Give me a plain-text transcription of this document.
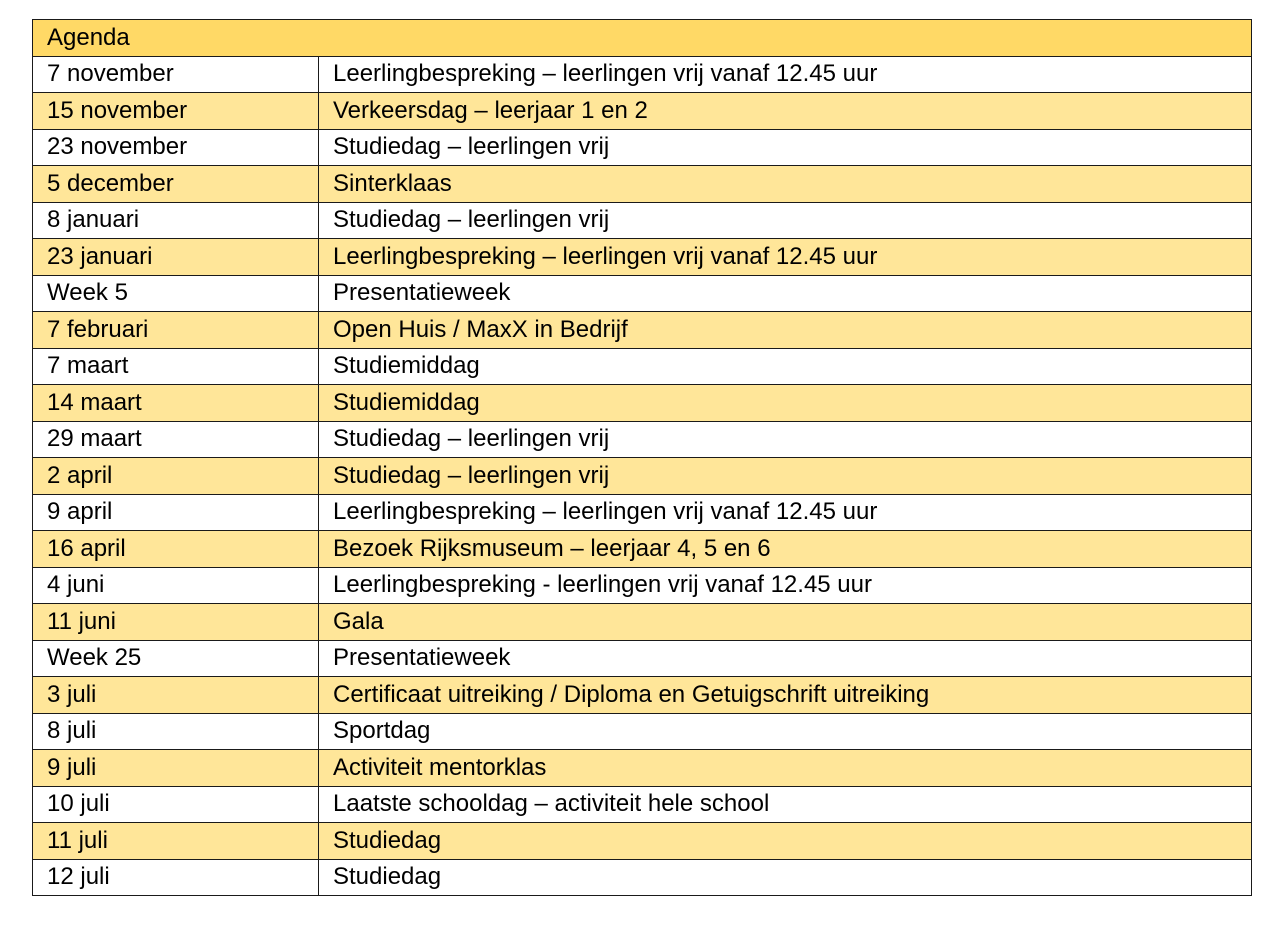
Agenda	
7 november	Leerlingbespreking – leerlingen vrij vanaf 12.45 uur
15 november	Verkeersdag – leerjaar 1 en 2
23 november	Studiedag – leerlingen vrij
5 december	Sinterklaas
8 januari	Studiedag – leerlingen vrij
23 januari	Leerlingbespreking – leerlingen vrij vanaf 12.45 uur
Week 5	Presentatieweek
7 februari	Open Huis / MaxX in Bedrijf
7 maart	Studiemiddag
14 maart	Studiemiddag
29 maart	Studiedag – leerlingen vrij
2 april	Studiedag – leerlingen vrij
9 april	Leerlingbespreking – leerlingen vrij vanaf 12.45 uur
16 april	Bezoek Rijksmuseum – leerjaar 4, 5 en 6
4 juni	Leerlingbespreking - leerlingen vrij vanaf 12.45 uur
11 juni	Gala
Week 25	Presentatieweek
3 juli	Certificaat uitreiking / Diploma en Getuigschrift uitreiking
8 juli	Sportdag
9 juli	Activiteit mentorklas
10 juli	Laatste schooldag – activiteit hele school
11 juli	Studiedag
12 juli	Studiedag
